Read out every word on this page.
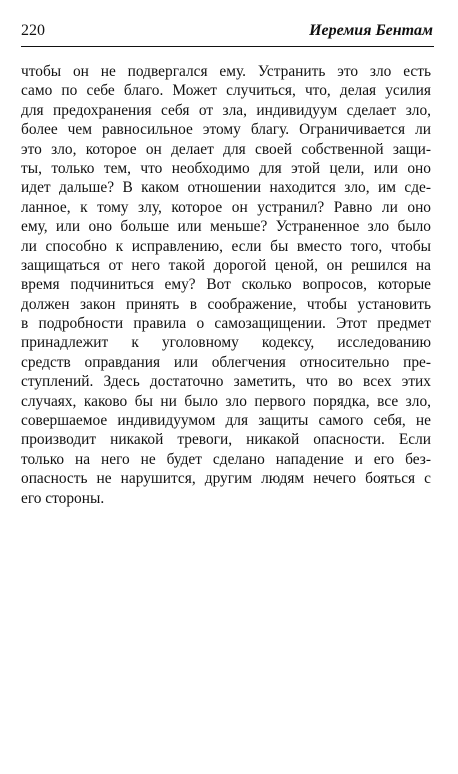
220	Иеремия Бентам
чтобы он не подвергался ему. Устранить это зло есть
само по себе благо. Может случиться, что, делая усилия
для предохранения себя от зла, индивидуум сделает зло,
более чем равносильное этому благу. Ограничивается ли
это зло, которое он делает для своей собственной защи-
ты, только тем, что необходимо для этой цели, или оно
идет дальше? В каком отношении находится зло, им сде-
ланное, к тому злу, которое он устранил? Равно ли оно
ему, или оно больше или меньше? Устраненное зло было
ли способно к исправлению, если бы вместо того, чтобы
защищаться от него такой дорогой ценой, он решился на
время подчиниться ему? Вот сколько вопросов, которые
должен закон принять в соображение, чтобы установить
в подробности правила о самозащищении. Этот предмет
принадлежит к уголовному кодексу, исследованию
средств оправдания или облегчения относительно пре-
ступлений. Здесь достаточно заметить, что во всех этих
случаях, каково бы ни было зло первого порядка, все зло,
совершаемое индивидуумом для защиты самого себя, не
производит никакой тревоги, никакой опасности. Если
только на него не будет сделано нападение и его без-
опасность не нарушится, другим людям нечего бояться с
его стороны.
